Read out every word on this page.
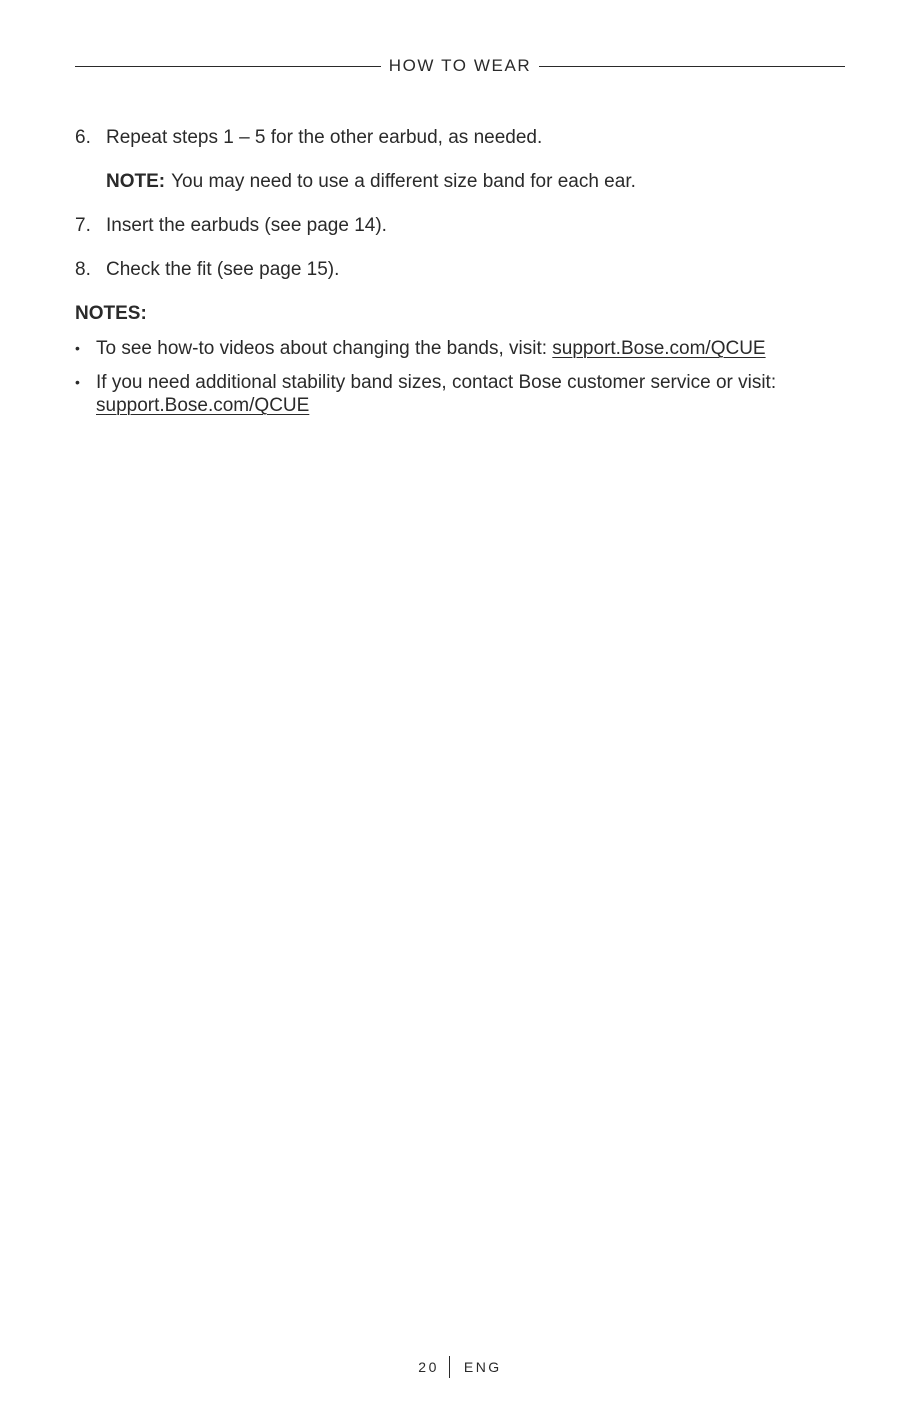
HOW TO WEAR
6. Repeat steps 1 – 5 for the other earbud, as needed.
NOTE: You may need to use a different size band for each ear.
7. Insert the earbuds (see page 14).
8. Check the fit (see page 15).
NOTES:
• To see how-to videos about changing the bands, visit: support.Bose.com/QCUE
• If you need additional stability band sizes, contact Bose customer service or visit: support.Bose.com/QCUE
20 ENG
